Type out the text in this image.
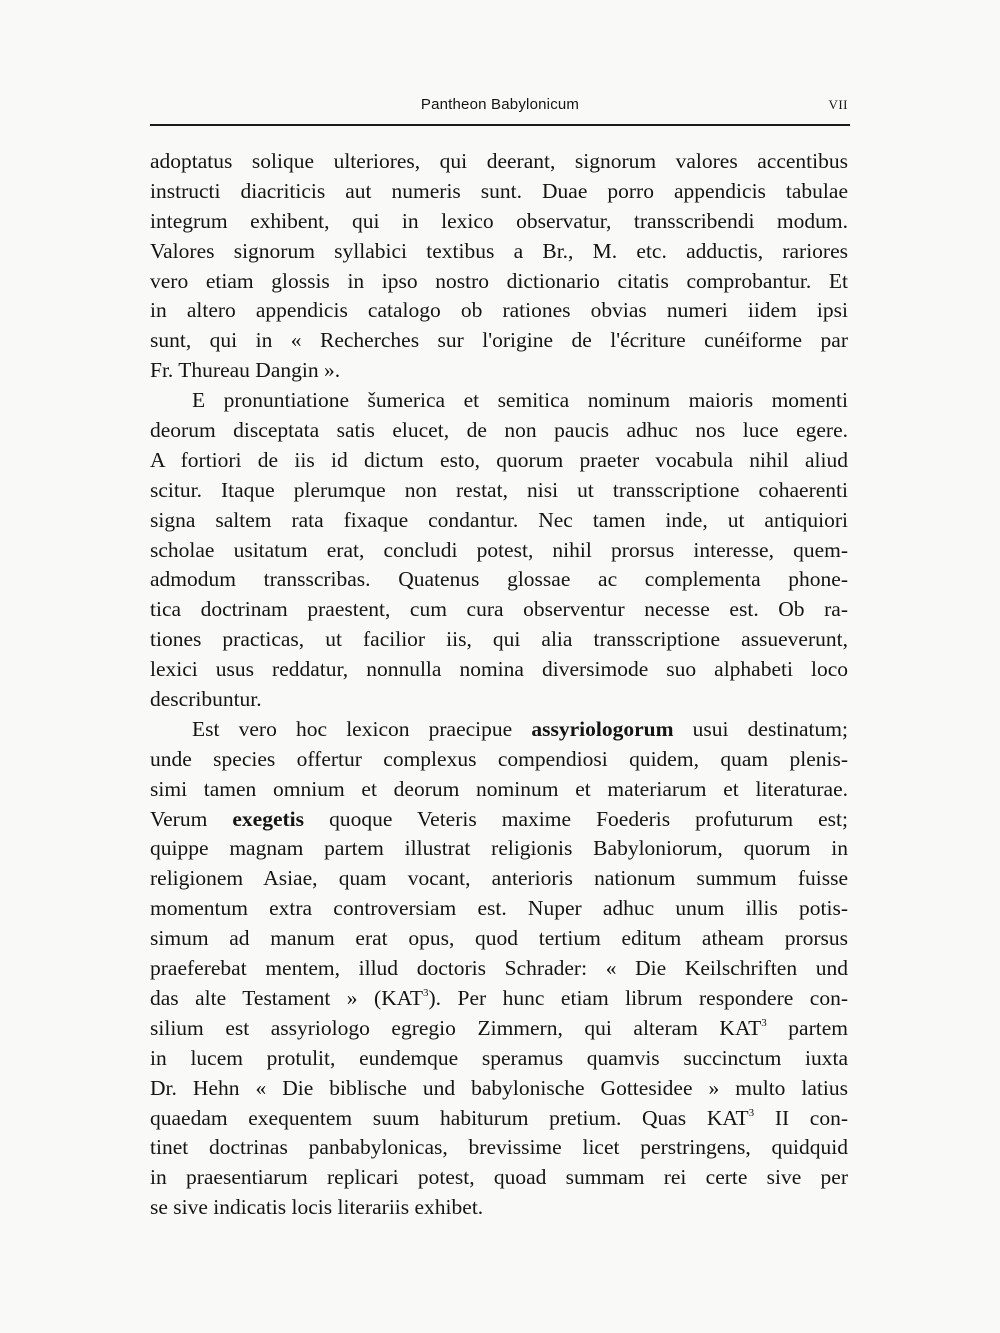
Pantheon Babylonicum	VII
adoptatus solique ulteriores, qui deerant, signorum valores accentibus
instructi diacriticis aut numeris sunt. Duae porro appendicis tabulae
integrum exhibent, qui in lexico observatur, transscribendi modum.
Valores signorum syllabici textibus a Br., M. etc. adductis, rariores
vero etiam glossis in ipso nostro dictionario citatis comprobantur. Et
in altero appendicis catalogo ob rationes obvias numeri iidem ipsi
sunt, qui in « Recherches sur l'origine de l'écriture cunéiforme par
Fr. Thureau Dangin ».
E pronuntiatione šumerica et semitica nominum maioris momenti
deorum disceptata satis elucet, de non paucis adhuc nos luce egere.
A fortiori de iis id dictum esto, quorum praeter vocabula nihil aliud
scitur. Itaque plerumque non restat, nisi ut transscriptione cohaerenti
signa saltem rata fixaque condantur. Nec tamen inde, ut antiquiori
scholae usitatum erat, concludi potest, nihil prorsus interesse, quem-
admodum transscribas. Quatenus glossae ac complementa phone-
tica doctrinam praestent, cum cura observentur necesse est. Ob ra-
tiones practicas, ut facilior iis, qui alia transscriptione assueverunt,
lexici usus reddatur, nonnulla nomina diversimode suo alphabeti loco
describuntur.
Est vero hoc lexicon praecipue assyriologorum usui destinatum;
unde species offertur complexus compendiosi quidem, quam plenis-
simi tamen omnium et deorum nominum et materiarum et literaturae.
Verum exegetis quoque Veteris maxime Foederis profuturum est;
quippe magnam partem illustrat religionis Babyloniorum, quorum in
religionem Asiae, quam vocant, anterioris nationum summum fuisse
momentum extra controversiam est. Nuper adhuc unum illis potis-
simum ad manum erat opus, quod tertium editum atheam prorsus
praeferebat mentem, illud doctoris Schrader: « Die Keilschriften und
das alte Testament » (KAT$^3$). Per hunc etiam librum respondere con-
silium est assyriologo egregio Zimmern, qui alteram KAT$^3$ partem
in lucem protulit, eundemque speramus quamvis succinctum iuxta
Dr. Hehn « Die biblische und babylonische Gottesidee » multo latius
quaedam exequentem suum habiturum pretium. Quas KAT$^3$ II con-
tinet doctrinas panbabylonicas, brevissime licet perstringens, quidquid
in praesentiarum replicari potest, quoad summam rei certe sive per
se sive indicatis locis literariis exhibet.
